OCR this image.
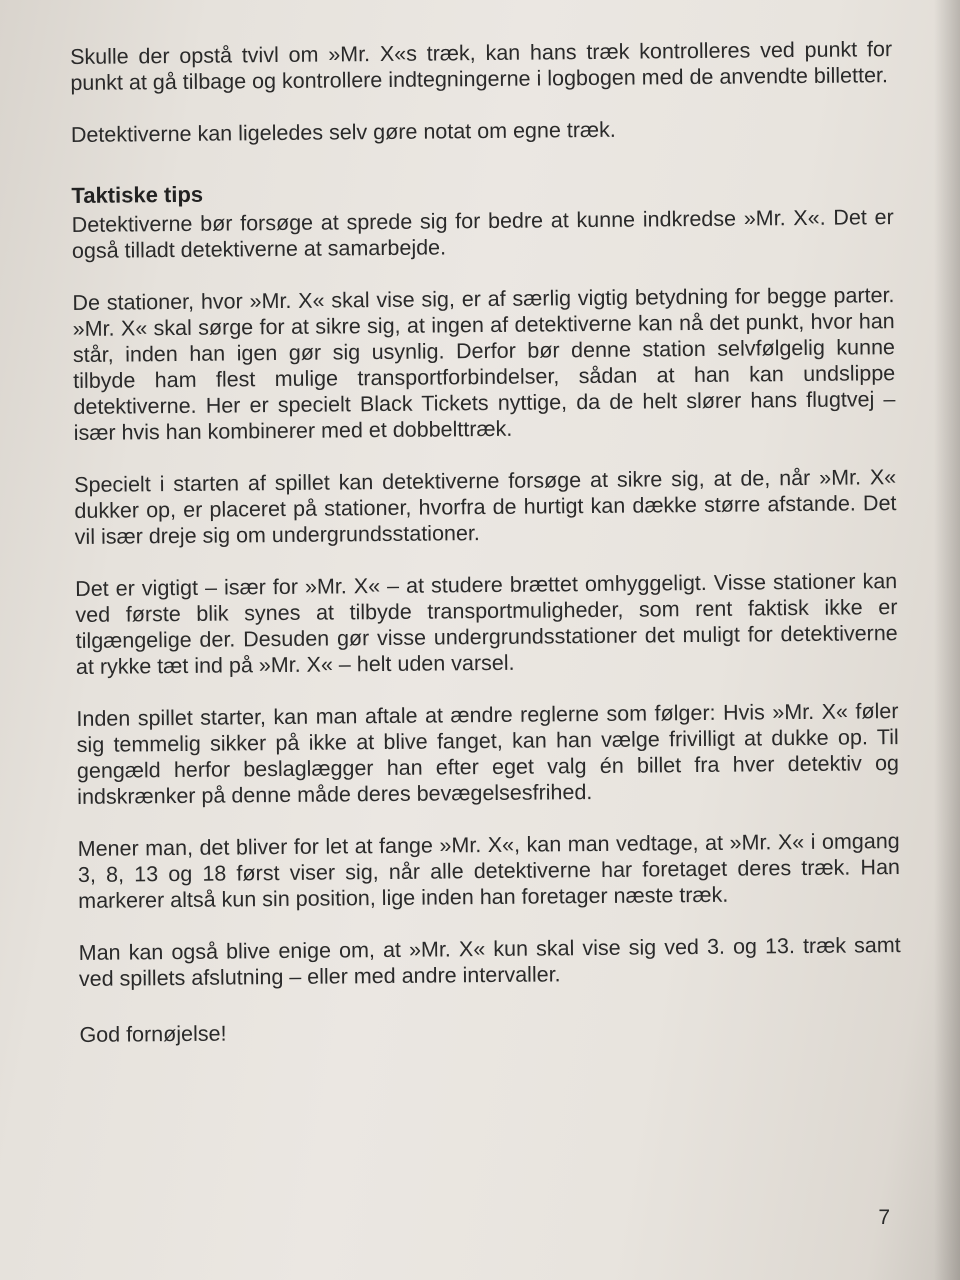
Skulle der opstå tvivl om »Mr. X«s træk, kan hans træk kontrolleres ved punkt for punkt at gå tilbage og kontrollere indtegningerne i logbogen med de anvendte billetter.

Detektiverne kan ligeledes selv gøre notat om egne træk.

Taktiske tips

Detektiverne bør forsøge at sprede sig for bedre at kunne indkredse »Mr. X«. Det er også tilladt detektiverne at samarbejde.

De stationer, hvor »Mr. X« skal vise sig, er af særlig vigtig betydning for begge parter. »Mr. X« skal sørge for at sikre sig, at ingen af detektiverne kan nå det punkt, hvor han står, inden han igen gør sig usynlig. Derfor bør denne station selvfølgelig kunne tilbyde ham flest mulige transportforbindelser, sådan at han kan undslippe detektiverne. Her er specielt Black Tickets nyttige, da de helt slører hans flugtvej – især hvis han kombinerer med et dobbelttræk.

Specielt i starten af spillet kan detektiverne forsøge at sikre sig, at de, når »Mr. X« dukker op, er placeret på stationer, hvorfra de hurtigt kan dække større afstande. Det vil især dreje sig om undergrundsstationer.

Det er vigtigt – især for »Mr. X« – at studere brættet omhyggeligt. Visse stationer kan ved første blik synes at tilbyde transportmuligheder, som rent faktisk ikke er tilgængelige der. Desuden gør visse undergrundsstationer det muligt for detektiverne at rykke tæt ind på »Mr. X« – helt uden varsel.

Inden spillet starter, kan man aftale at ændre reglerne som følger: Hvis »Mr. X« føler sig temmelig sikker på ikke at blive fanget, kan han vælge frivilligt at dukke op. Til gengæld herfor beslaglægger han efter eget valg én billet fra hver detektiv og indskrænker på denne måde deres bevægelsesfrihed.

Mener man, det bliver for let at fange »Mr. X«, kan man vedtage, at »Mr. X« i omgang 3, 8, 13 og 18 først viser sig, når alle detektiverne har foretaget deres træk. Han markerer altså kun sin position, lige inden han foretager næste træk.

Man kan også blive enige om, at »Mr. X« kun skal vise sig ved 3. og 13. træk samt ved spillets afslutning – eller med andre intervaller.

God fornøjelse!

7
